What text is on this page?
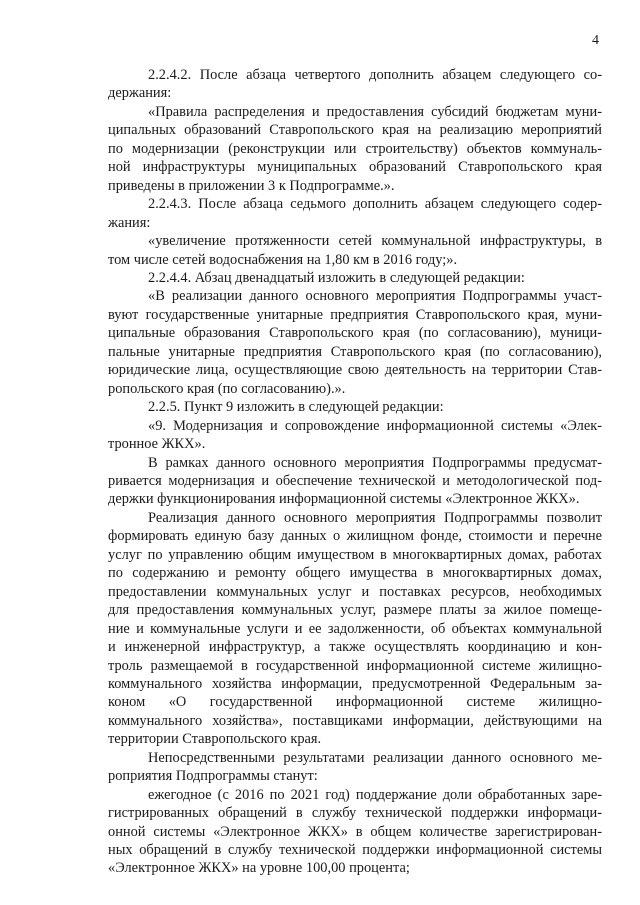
4
2.2.4.2. После абзаца четвертого дополнить абзацем следующего со-
держания:
«Правила распределения и предоставления субсидий бюджетам муни-
ципальных образований Ставропольского края на реализацию мероприятий
по модернизации (реконструкции или строительству) объектов коммуналь-
ной инфраструктуры муниципальных образований Ставропольского края
приведены в приложении 3 к Подпрограмме.».
2.2.4.3. После абзаца седьмого дополнить абзацем следующего содер-
жания:
«увеличение протяженности сетей коммунальной инфраструктуры, в
том числе сетей водоснабжения на 1,80 км в 2016 году;».
2.2.4.4. Абзац двенадцатый изложить в следующей редакции:
«В реализации данного основного мероприятия Подпрограммы участ-
вуют государственные унитарные предприятия Ставропольского края, муни-
ципальные образования Ставропольского края (по согласованию), муници-
пальные унитарные предприятия Ставропольского края (по согласованию),
юридические лица, осуществляющие свою деятельность на территории Став-
ропольского края (по согласованию).».
2.2.5. Пункт 9 изложить в следующей редакции:
«9. Модернизация и сопровождение информационной системы «Элек-
тронное ЖКХ».
В рамках данного основного мероприятия Подпрограммы предусмат-
ривается модернизация и обеспечение технической и методологической под-
держки функционирования информационной системы «Электронное ЖКХ».
Реализация данного основного мероприятия Подпрограммы позволит
формировать единую базу данных о жилищном фонде, стоимости и перечне
услуг по управлению общим имуществом в многоквартирных домах, работах
по содержанию и ремонту общего имущества в многоквартирных домах,
предоставлении коммунальных услуг и поставках ресурсов, необходимых
для предоставления коммунальных услуг, размере платы за жилое помеще-
ние и коммунальные услуги и ее задолженности, об объектах коммунальной
и инженерной инфраструктур, а также осуществлять координацию и кон-
троль размещаемой в государственной информационной системе жилищно-
коммунального хозяйства информации, предусмотренной Федеральным за-
коном «О государственной информационной системе жилищно-
коммунального хозяйства», поставщиками информации, действующими на
территории Ставропольского края.
Непосредственными результатами реализации данного основного ме-
роприятия Подпрограммы станут:
ежегодное (с 2016 по 2021 год) поддержание доли обработанных заре-
гистрированных обращений в службу технической поддержки информаци-
онной системы «Электронное ЖКХ» в общем количестве зарегистрирован-
ных обращений в службу технической поддержки информационной системы
«Электронное ЖКХ» на уровне 100,00 процента;
